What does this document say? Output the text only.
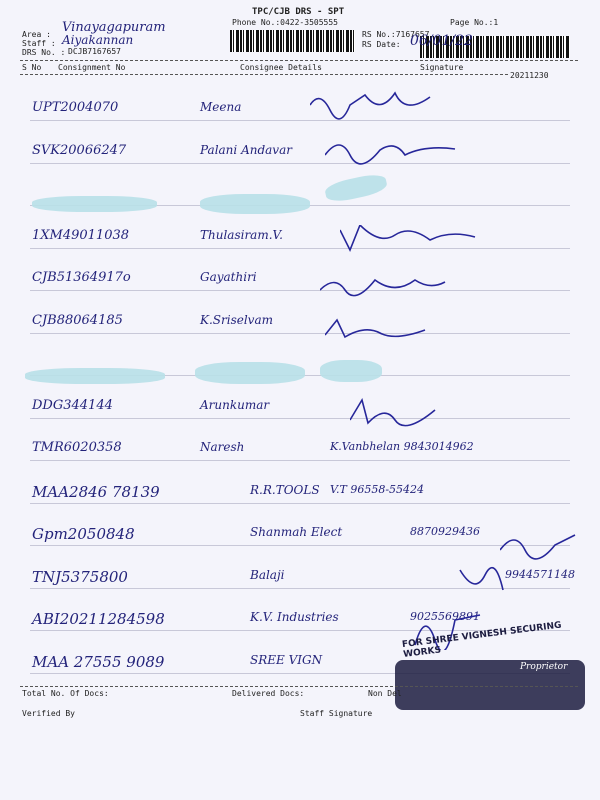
TPC/CJB DRS - SPT
Phone No.:0422-3505555	Page No.:1
Area : Vinayagapuram
Staff : Aiyakannan
DRS No. : DCJB7167657
RS No.:7167657
RS Date: 06/01/22
S No Consignment No	Consignee Details	Signature
20211230
UPT2004070	Meena
SVK20066247	Palani Andavar
1XM49011038	Thulasiram.V.
CJB51364917o	Gayathiri
CJB88064185	K.Sriselvam
DDG344144	Arunkumar
TMR6020358	Naresh	K.Vanbhelan 9843014962
MAA2846 78139	R.R.TOOLS V.T 96558-55424
Gpm2050848	Shanmah Elect	8870929436
TNJ5375800	Balaji	9944571148
ABI20211284598	K.V. Industries	9025569891
MAA 27555 9089	SREE VIGN
FOR SHREE VIGNESH SECURING WORKS
Proprietor
Total No. Of Docs:	Delivered Docs:	Non Del
Verified By	Staff Signature
